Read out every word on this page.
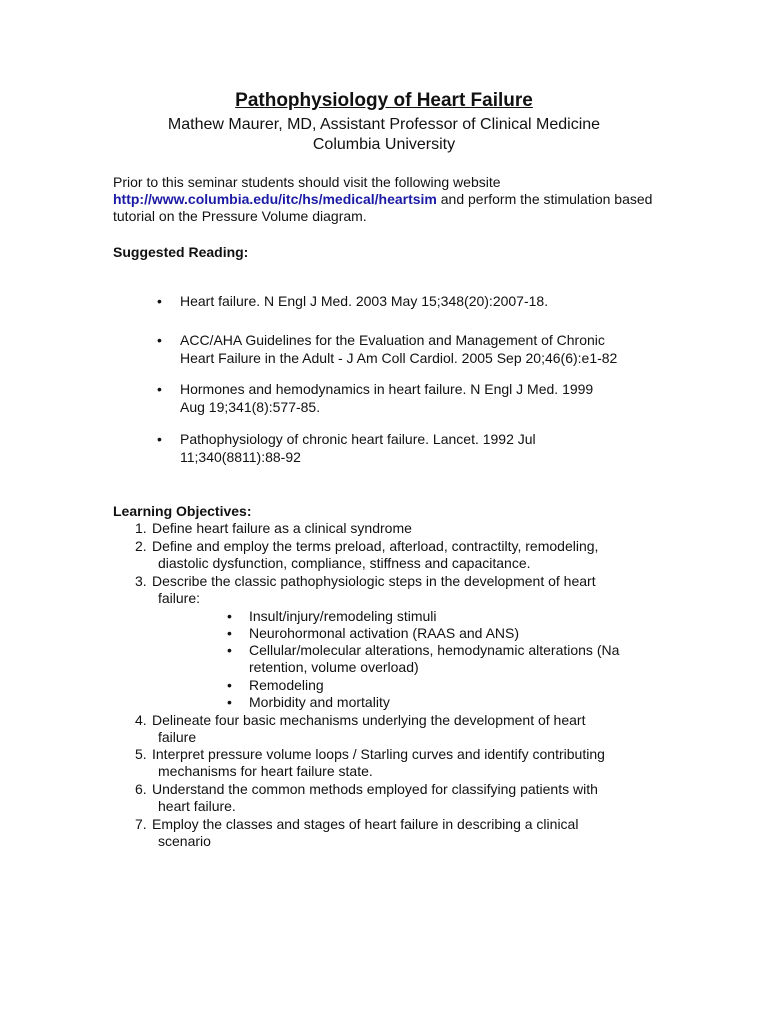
Pathophysiology of Heart Failure
Mathew Maurer, MD, Assistant Professor of Clinical Medicine
Columbia University
Prior to this seminar students should visit the following website
http://www.columbia.edu/itc/hs/medical/heartsim and perform the stimulation based tutorial on the Pressure Volume diagram.
Suggested Reading:
• Heart failure. N Engl J Med. 2003 May 15;348(20):2007-18.
• ACC/AHA Guidelines for the Evaluation and Management of Chronic
Heart Failure in the Adult - J Am Coll Cardiol. 2005 Sep 20;46(6):e1-82
• Hormones and hemodynamics in heart failure. N Engl J Med. 1999
Aug 19;341(8):577-85.
• Pathophysiology of chronic heart failure. Lancet. 1992 Jul
11;340(8811):88-92
Learning Objectives:
1. Define heart failure as a clinical syndrome
2. Define and employ the terms preload, afterload, contractilty, remodeling,
diastolic dysfunction, compliance, stiffness and capacitance.
3. Describe the classic pathophysiologic steps in the development of heart
failure:
• Insult/injury/remodeling stimuli
• Neurohormonal activation (RAAS and ANS)
• Cellular/molecular alterations, hemodynamic alterations (Na
retention, volume overload)
• Remodeling
• Morbidity and mortality
4. Delineate four basic mechanisms underlying the development of heart
failure
5. Interpret pressure volume loops / Starling curves and identify contributing
mechanisms for heart failure state.
6. Understand the common methods employed for classifying patients with
heart failure.
7. Employ the classes and stages of heart failure in describing a clinical
scenario
